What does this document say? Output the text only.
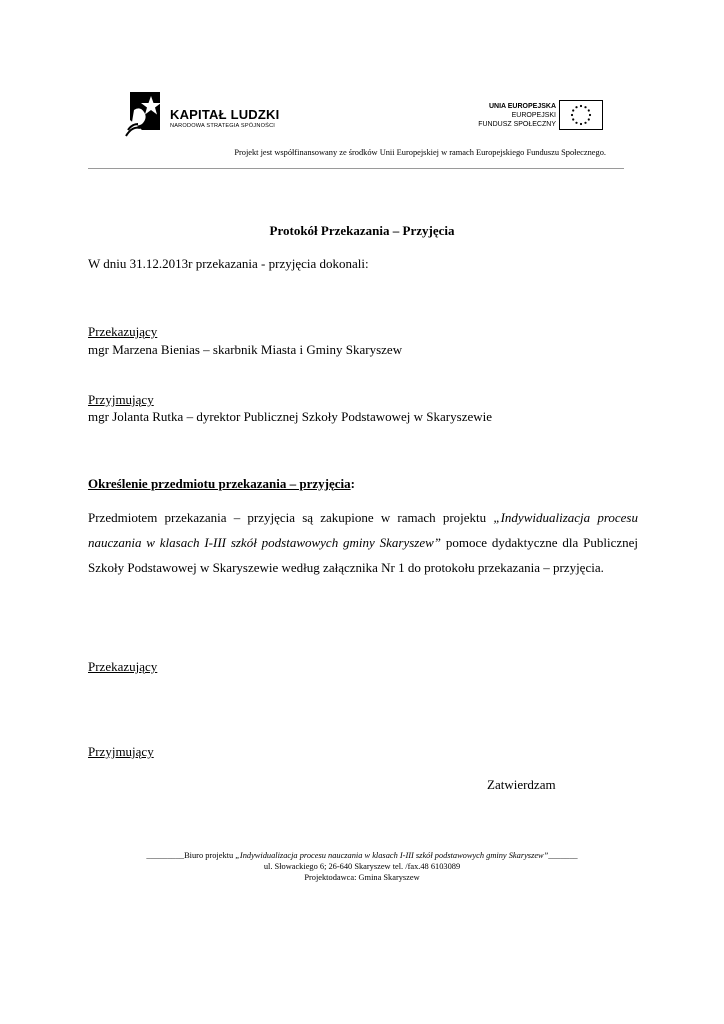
KAPITAŁ LUDZKI
NARODOWA STRATEGIA SPÓJNOŚCI
UNIA EUROPEJSKA
EUROPEJSKI
FUNDUSZ SPOŁECZNY
Projekt jest współfinansowany ze środków Unii Europejskiej w ramach Europejskiego Funduszu Społecznego.
Protokół Przekazania – Przyjęcia
W dniu 31.12.2013r przekazania - przyjęcia dokonali:
Przekazujący
mgr Marzena Bienias – skarbnik Miasta i Gminy Skaryszew
Przyjmujący
mgr Jolanta Rutka – dyrektor Publicznej Szkoły Podstawowej w Skaryszewie
Określenie przedmiotu przekazania – przyjęcia:
Przedmiotem przekazania – przyjęcia są zakupione w ramach projektu „Indywidualizacja procesu nauczania w klasach I-III szkół podstawowych gminy Skaryszew” pomoce dydaktyczne dla Publicznej Szkoły Podstawowej w Skaryszewie według załącznika Nr 1 do protokołu przekazania – przyjęcia.
Przekazujący
Przyjmujący
Zatwierdzam
_________Biuro projektu „Indywidualizacja procesu nauczania w klasach I-III szkół podstawowych gminy Skaryszew”_______
ul. Słowackiego 6; 26-640 Skaryszew tel. /fax.48 6103089
Projektodawca: Gmina Skaryszew
